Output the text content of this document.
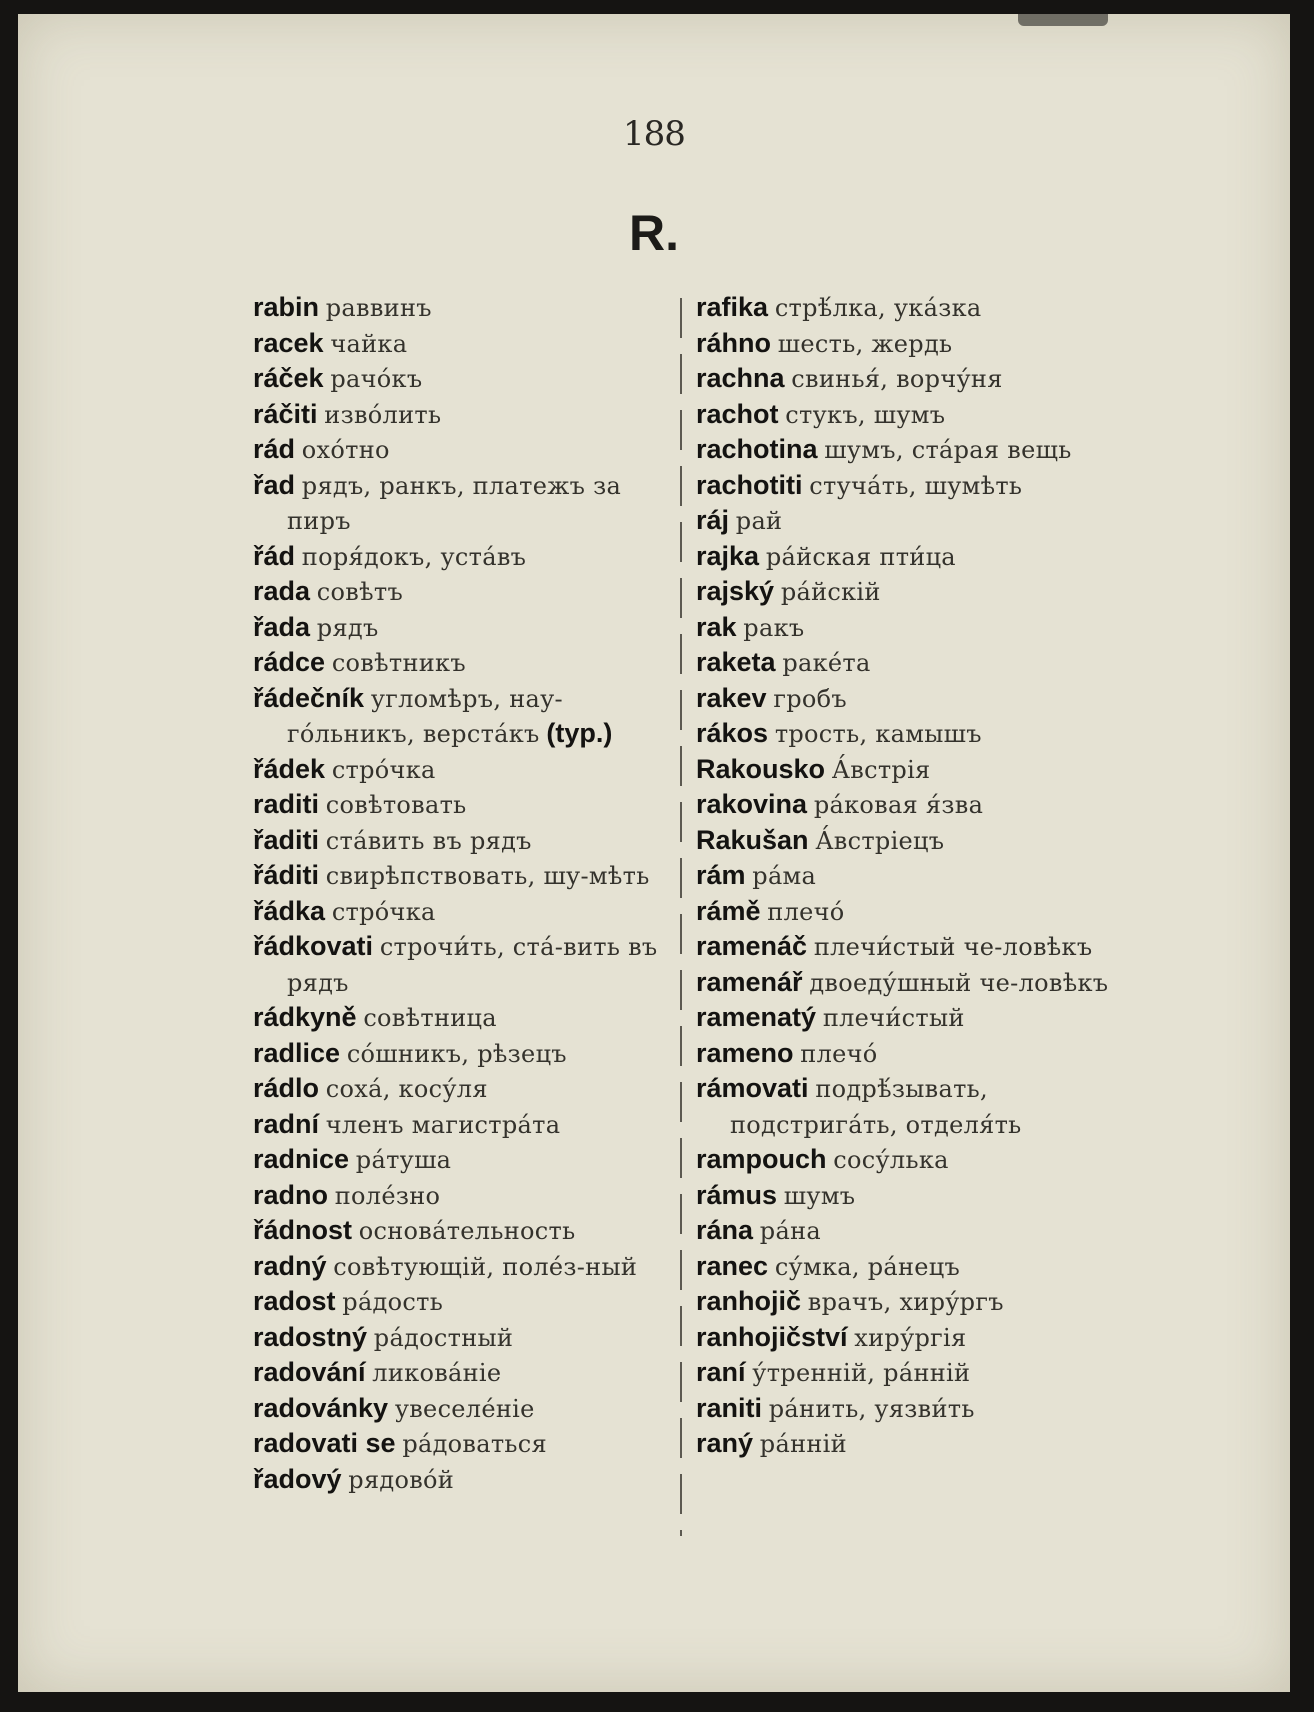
188
R.
rabin раввинъ
racek чайка
ráček рачо́къ
ráčiti изво́лить
rád охо́тно
řad рядъ, ранкъ, платежъ за пиръ
řád поря́докъ, уста́въ
rada совѣтъ
řada рядъ
rádce совѣтникъ
řádečník угломѣръ, нау-го́льникъ, верста́къ (typ.)
řádek стро́чка
raditi совѣтовать
řaditi ста́вить въ рядъ
řáditi свирѣпствовать, шу-мѣть
řádka стро́чка
řádkovati строчи́ть, ста́-вить въ рядъ
rádkyně совѣтница
radlice со́шникъ, рѣзецъ
rádlo соха́, косу́ля
radní членъ магистра́та
radnice ра́туша
radno поле́зно
řádnost основа́тельность
radný совѣтующій, поле́з-ный
radost ра́дость
radostný ра́достный
radování ликова́ніе
radovánky увеселе́ніе
radovati se ра́доваться
řadový рядово́й
rafika стрѣ́лка, ука́зка
ráhno шесть, жердь
rachna свинья́, ворчу́ня
rachot стукъ, шумъ
rachotina шумъ, ста́рая вещь
rachotiti стуча́ть, шумѣть
ráj рай
rajka ра́йская пти́ца
rajský ра́йскій
rak ракъ
raketa раке́та
rakev гробъ
rákos трость, камышъ
Rakousko А́встрія
rakovina ра́ковая я́зва
Rakušan А́встріецъ
rám ра́ма
rámě плечо́
ramenáč плечи́стый че-ловѣкъ
ramenář двоеду́шный че-ловѣкъ
ramenatý плечи́стый
rameno плечо́
rámovati подрѣ́зывать, подстрига́ть, отделя́ть
rampouch сосу́лька
rámus шумъ
rána ра́на
ranec су́мка, ра́нецъ
ranhojič врачъ, хиру́ргъ
ranhojičství хиру́ргія
raní у́тренній, ра́нній
raniti ра́нить, уязви́ть
raný ра́нній
